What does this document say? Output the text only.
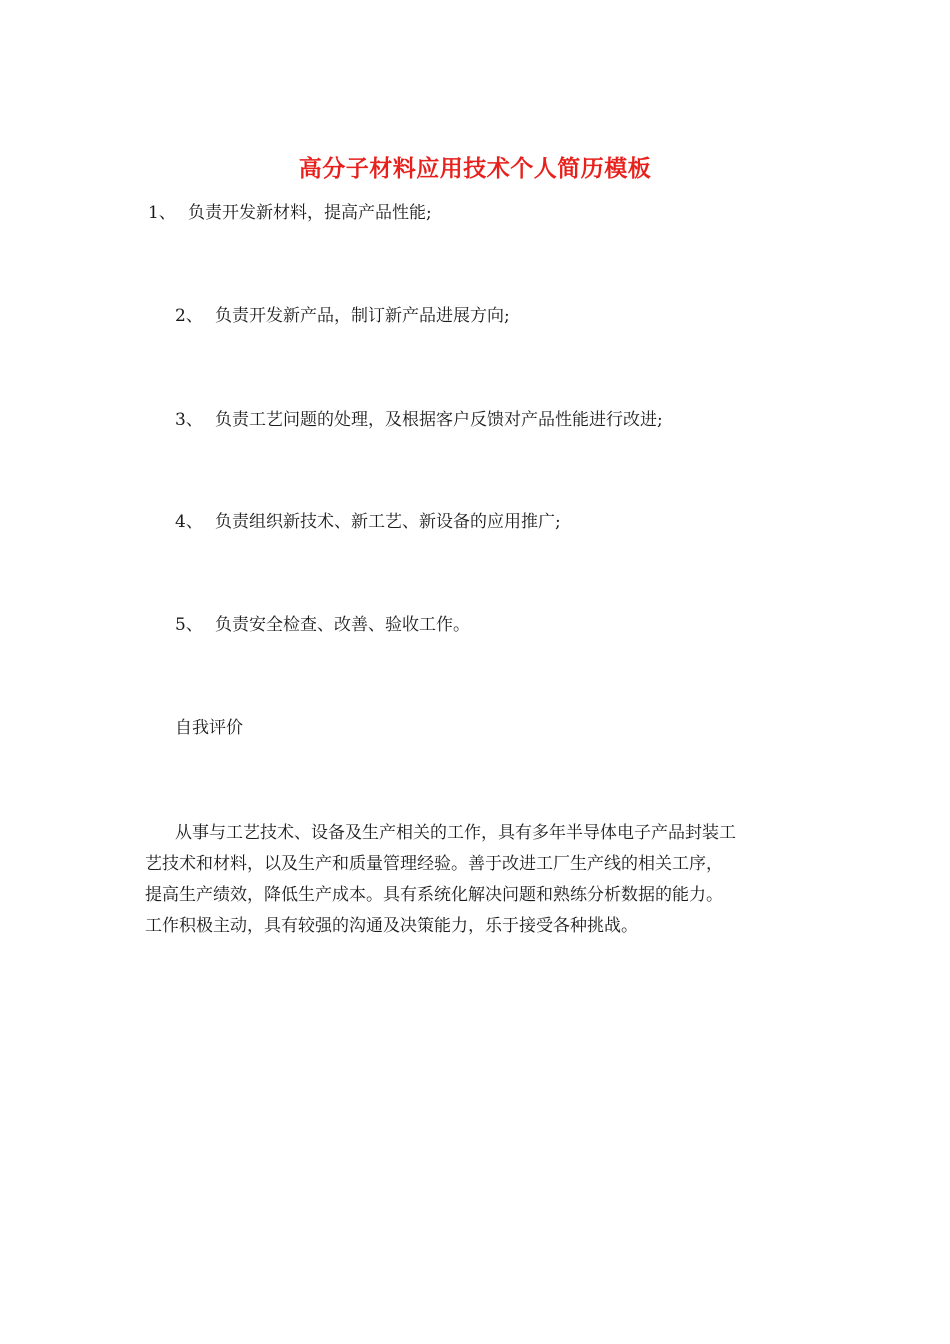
高分子材料应用技术个人简历模板
1、 负责开发新材料，提高产品性能;
2、 负责开发新产品，制订新产品进展方向;
3、 负责工艺问题的处理，及根据客户反馈对产品性能进行改进;
4、 负责组织新技术、新工艺、新设备的应用推广;
5、 负责安全检查、改善、验收工作。
自我评价
从事与工艺技术、设备及生产相关的工作，具有多年半导体电子产品封装工
艺技术和材料，以及生产和质量管理经验。善于改进工厂生产线的相关工序，
提高生产绩效，降低生产成本。具有系统化解决问题和熟练分析数据的能力。
工作积极主动，具有较强的沟通及决策能力，乐于接受各种挑战。
